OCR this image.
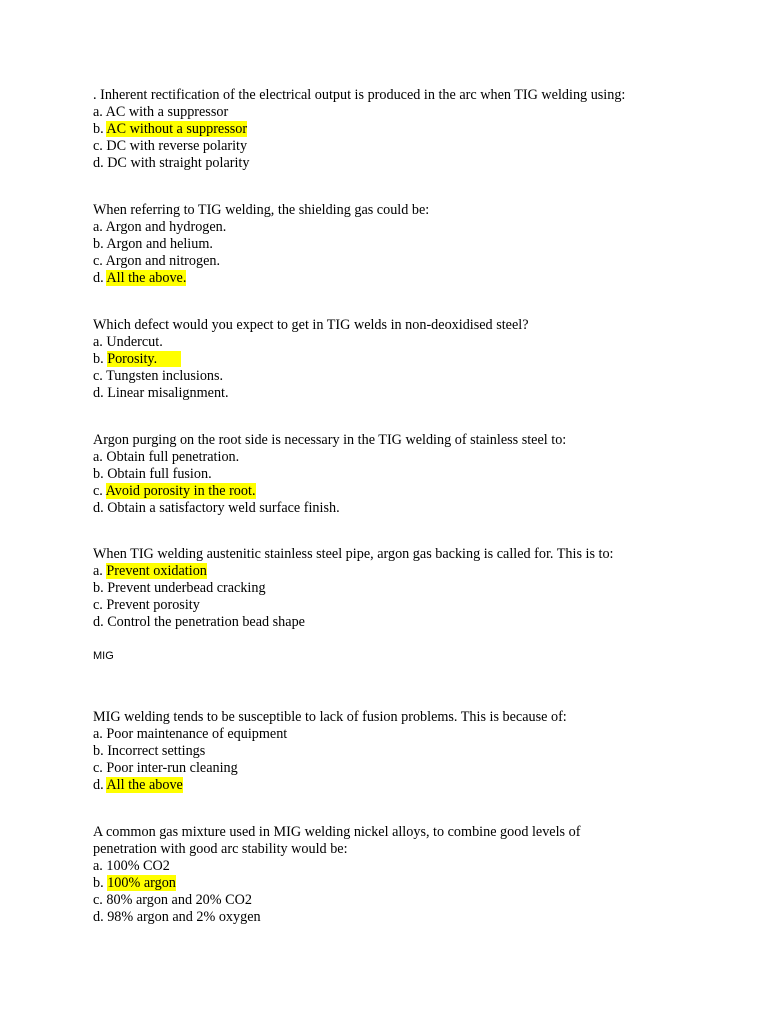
. Inherent rectification of the electrical output is produced in the arc when TIG welding using:
a. AC with a suppressor
b. AC without a suppressor
c. DC with reverse polarity
d. DC with straight polarity
When referring to TIG welding, the shielding gas could be:
a. Argon and hydrogen.
b. Argon and helium.
c. Argon and nitrogen.
d. All the above.
Which defect would you expect to get in TIG welds in non-deoxidised steel?
a. Undercut.
b. Porosity.
c. Tungsten inclusions.
d. Linear misalignment.
Argon purging on the root side is necessary in the TIG welding of stainless steel to:
a. Obtain full penetration.
b. Obtain full fusion.
c. Avoid porosity in the root.
d. Obtain a satisfactory weld surface finish.
When TIG welding austenitic stainless steel pipe, argon gas backing is called for. This is to:
a. Prevent oxidation
b. Prevent underbead cracking
c. Prevent porosity
d. Control the penetration bead shape
MIG
MIG welding tends to be susceptible to lack of fusion problems. This is because of:
a. Poor maintenance of equipment
b. Incorrect settings
c. Poor inter-run cleaning
d. All the above
A common gas mixture used in MIG welding nickel alloys, to combine good levels of penetration with good arc stability would be:
a. 100% CO2
b. 100% argon
c. 80% argon and 20% CO2
d. 98% argon and 2% oxygen
